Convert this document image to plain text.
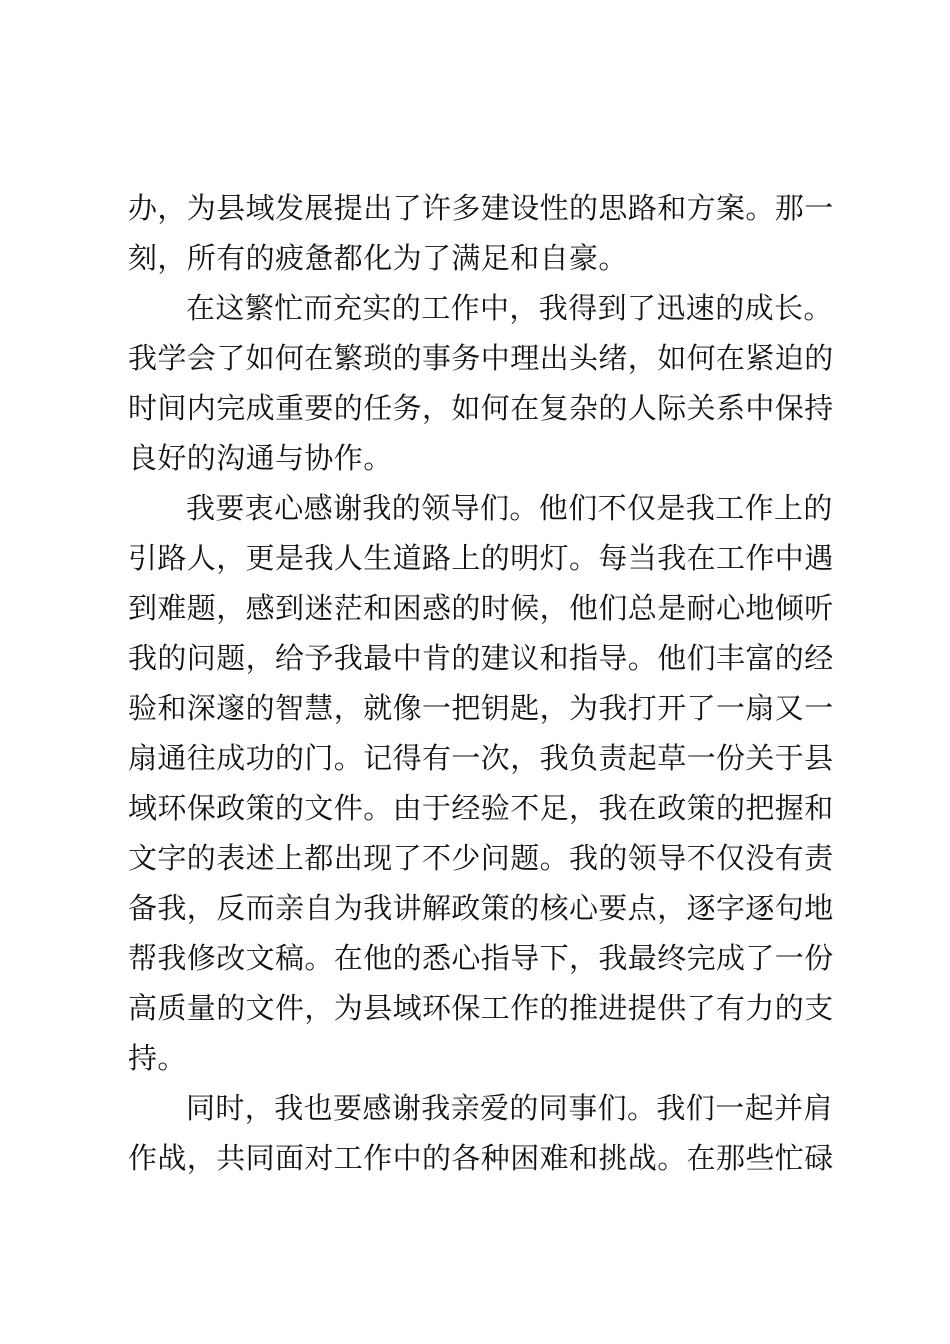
办，为县域发展提出了许多建设性的思路和方案。那一
刻，所有的疲惫都化为了满足和自豪。
在这繁忙而充实的工作中，我得到了迅速的成长。
我学会了如何在繁琐的事务中理出头绪，如何在紧迫的
时间内完成重要的任务，如何在复杂的人际关系中保持
良好的沟通与协作。
我要衷心感谢我的领导们。他们不仅是我工作上的
引路人，更是我人生道路上的明灯。每当我在工作中遇
到难题，感到迷茫和困惑的时候，他们总是耐心地倾听
我的问题，给予我最中肯的建议和指导。他们丰富的经
验和深邃的智慧，就像一把钥匙，为我打开了一扇又一
扇通往成功的门。记得有一次，我负责起草一份关于县
域环保政策的文件。由于经验不足，我在政策的把握和
文字的表述上都出现了不少问题。我的领导不仅没有责
备我，反而亲自为我讲解政策的核心要点，逐字逐句地
帮我修改文稿。在他的悉心指导下，我最终完成了一份
高质量的文件，为县域环保工作的推进提供了有力的支
持。
同时，我也要感谢我亲爱的同事们。我们一起并肩
作战，共同面对工作中的各种困难和挑战。在那些忙碌
